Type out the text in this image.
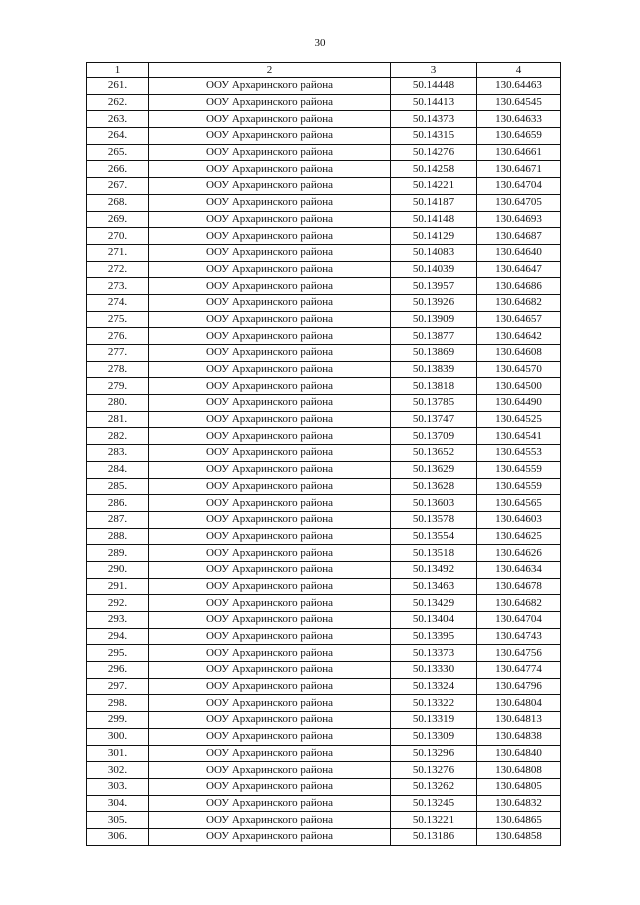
30
1	2	3	4
261.	ООУ Архаринского района	50.14448	130.64463
262.	ООУ Архаринского района	50.14413	130.64545
263.	ООУ Архаринского района	50.14373	130.64633
264.	ООУ Архаринского района	50.14315	130.64659
265.	ООУ Архаринского района	50.14276	130.64661
266.	ООУ Архаринского района	50.14258	130.64671
267.	ООУ Архаринского района	50.14221	130.64704
268.	ООУ Архаринского района	50.14187	130.64705
269.	ООУ Архаринского района	50.14148	130.64693
270.	ООУ Архаринского района	50.14129	130.64687
271.	ООУ Архаринского района	50.14083	130.64640
272.	ООУ Архаринского района	50.14039	130.64647
273.	ООУ Архаринского района	50.13957	130.64686
274.	ООУ Архаринского района	50.13926	130.64682
275.	ООУ Архаринского района	50.13909	130.64657
276.	ООУ Архаринского района	50.13877	130.64642
277.	ООУ Архаринского района	50.13869	130.64608
278.	ООУ Архаринского района	50.13839	130.64570
279.	ООУ Архаринского района	50.13818	130.64500
280.	ООУ Архаринского района	50.13785	130.64490
281.	ООУ Архаринского района	50.13747	130.64525
282.	ООУ Архаринского района	50.13709	130.64541
283.	ООУ Архаринского района	50.13652	130.64553
284.	ООУ Архаринского района	50.13629	130.64559
285.	ООУ Архаринского района	50.13628	130.64559
286.	ООУ Архаринского района	50.13603	130.64565
287.	ООУ Архаринского района	50.13578	130.64603
288.	ООУ Архаринского района	50.13554	130.64625
289.	ООУ Архаринского района	50.13518	130.64626
290.	ООУ Архаринского района	50.13492	130.64634
291.	ООУ Архаринского района	50.13463	130.64678
292.	ООУ Архаринского района	50.13429	130.64682
293.	ООУ Архаринского района	50.13404	130.64704
294.	ООУ Архаринского района	50.13395	130.64743
295.	ООУ Архаринского района	50.13373	130.64756
296.	ООУ Архаринского района	50.13330	130.64774
297.	ООУ Архаринского района	50.13324	130.64796
298.	ООУ Архаринского района	50.13322	130.64804
299.	ООУ Архаринского района	50.13319	130.64813
300.	ООУ Архаринского района	50.13309	130.64838
301.	ООУ Архаринского района	50.13296	130.64840
302.	ООУ Архаринского района	50.13276	130.64808
303.	ООУ Архаринского района	50.13262	130.64805
304.	ООУ Архаринского района	50.13245	130.64832
305.	ООУ Архаринского района	50.13221	130.64865
306.	ООУ Архаринского района	50.13186	130.64858
